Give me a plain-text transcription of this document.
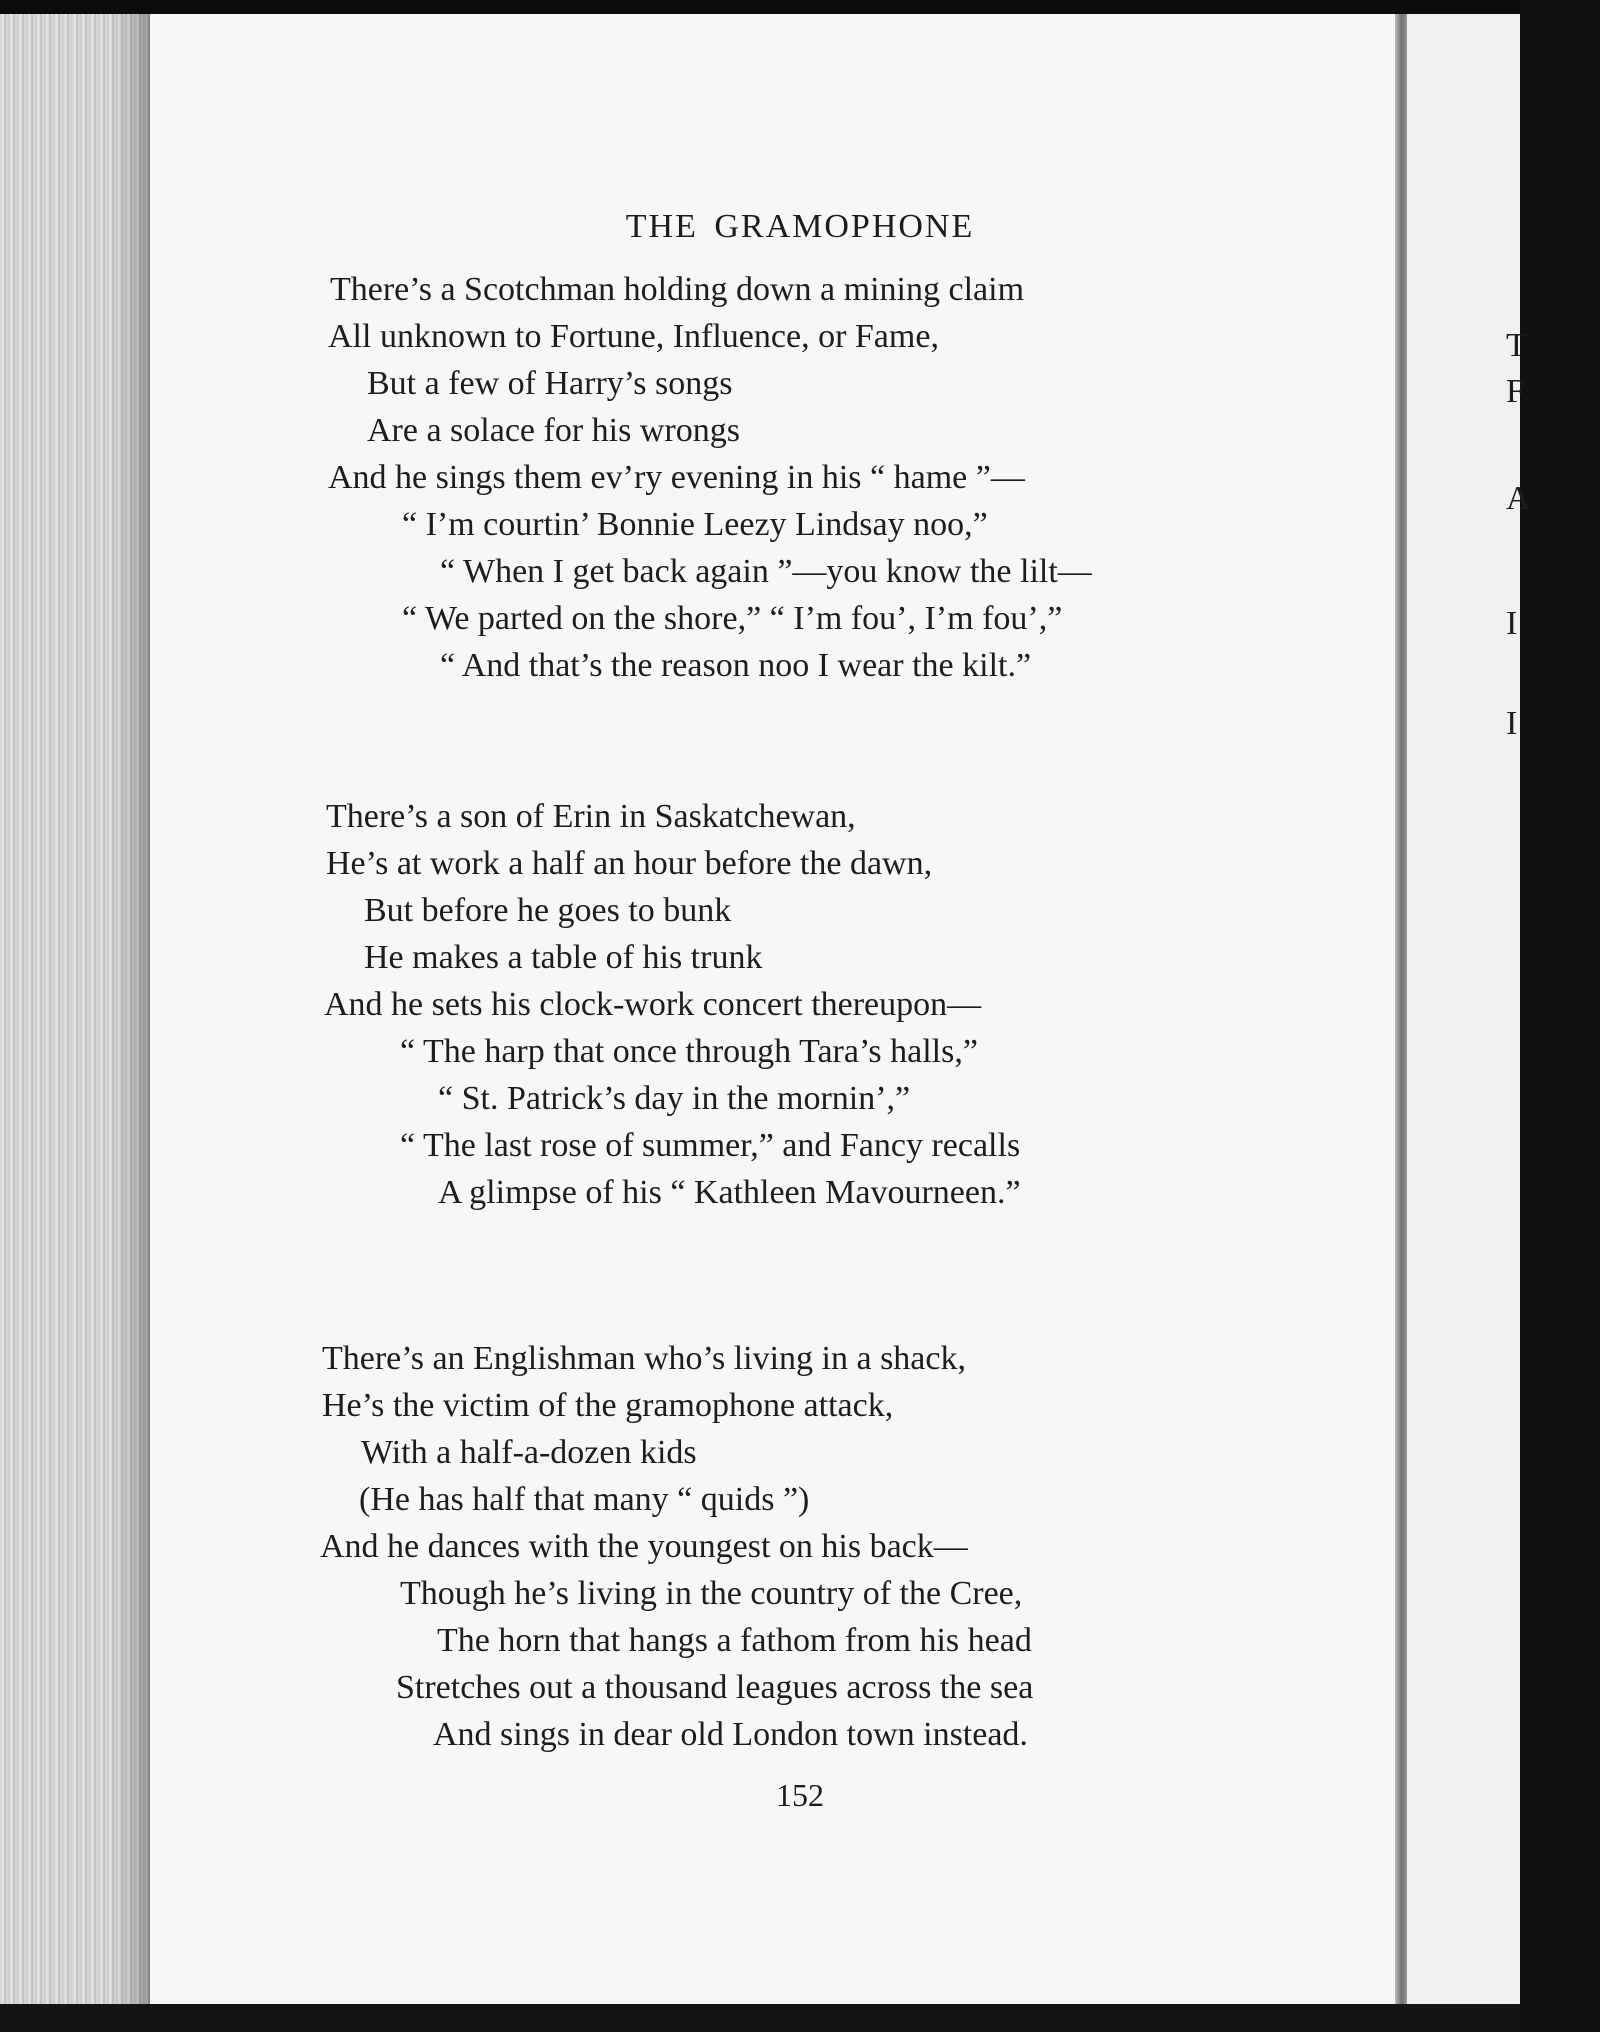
THE GRAMOPHONE
There’s a Scotchman holding down a mining claim
All unknown to Fortune, Influence, or Fame,
But a few of Harry’s songs
Are a solace for his wrongs
And he sings them ev’ry evening in his “ hame ”—
“ I’m courtin’ Bonnie Leezy Lindsay noo,”
“ When I get back again ”—you know the lilt—
“ We parted on the shore,” “ I’m fou’, I’m fou’,”
“ And that’s the reason noo I wear the kilt.”
There’s a son of Erin in Saskatchewan,
He’s at work a half an hour before the dawn,
But before he goes to bunk
He makes a table of his trunk
And he sets his clock-work concert thereupon—
“ The harp that once through Tara’s halls,”
“ St. Patrick’s day in the mornin’,”
“ The last rose of summer,” and Fancy recalls
A glimpse of his “ Kathleen Mavourneen.”
There’s an Englishman who’s living in a shack,
He’s the victim of the gramophone attack,
With a half-a-dozen kids
(He has half that many “ quids ”)
And he dances with the youngest on his back—
Though he’s living in the country of the Cree,
The horn that hangs a fathom from his head
Stretches out a thousand leagues across the sea
And sings in dear old London town instead.
152
T
F
A
I
I
